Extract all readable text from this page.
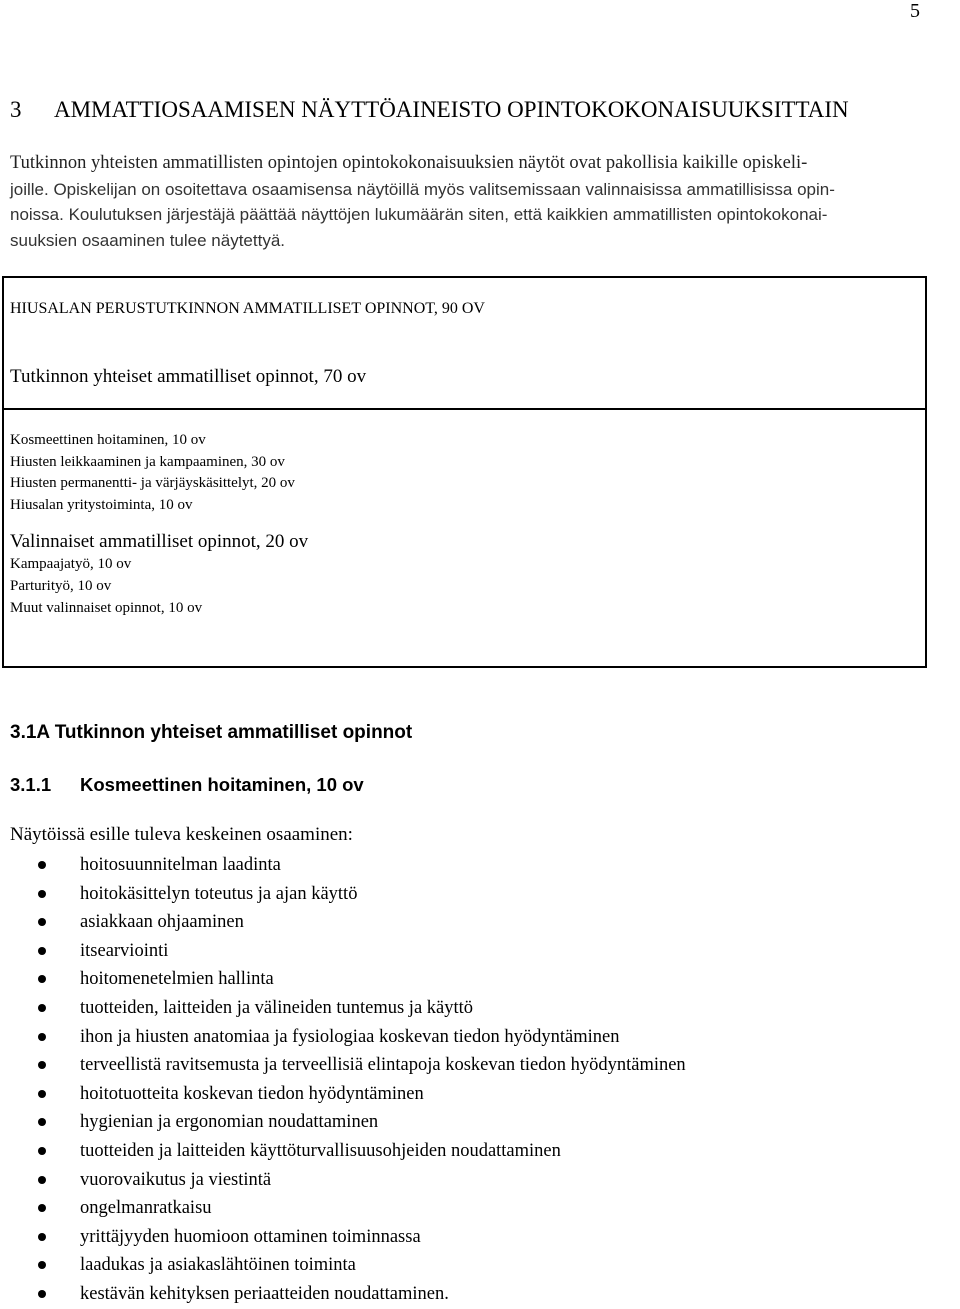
5
3 AMMATTIOSAAMISEN NÄYTTÖAINEISTO OPINTOKOKONAISUUKSITTAIN

Tutkinnon yhteisten ammatillisten opintojen opintokokonaisuuksien näytöt ovat pakollisia kaikille opiskeli-

joille. Opiskelijan on osoitettava osaamisensa näytöillä myös valitsemissaan valinnaisissa ammatillisissa opin-

noissa. Koulutuksen järjestäjä päättää näyttöjen lukumäärän siten, että kaikkien ammatillisten opintokokonai-

suuksien osaaminen tulee näytettyä.

HIUSALAN PERUSTUTKINNON AMMATILLISET OPINNOT, 90 OV
Tutkinnon yhteiset ammatilliset opinnot, 70 ov
Kosmeettinen hoitaminen, 10 ov
Hiusten leikkaaminen ja kampaaminen, 30 ov
Hiusten permanentti- ja värjäyskäsittelyt, 20 ov
Hiusalan yritystoiminta, 10 ov
Valinnaiset ammatilliset opinnot, 20 ov
Kampaajatyö, 10 ov
Parturityö, 10 ov
Muut valinnaiset opinnot, 10 ov
3.1A Tutkinnon yhteiset ammatilliset opinnot
3.1.1 Kosmeettinen hoitaminen, 10 ov
Näytöissä esille tuleva keskeinen osaaminen:
hoitosuunnitelman laadinta
hoitokäsittelyn toteutus ja ajan käyttö
asiakkaan ohjaaminen
itsearviointi
hoitomenetelmien hallinta
tuotteiden, laitteiden ja välineiden tuntemus ja käyttö
ihon ja hiusten anatomiaa ja fysiologiaa koskevan tiedon hyödyntäminen
terveellistä ravitsemusta ja terveellisiä elintapoja koskevan tiedon hyödyntäminen
hoitotuotteita koskevan tiedon hyödyntäminen
hygienian ja ergonomian noudattaminen
tuotteiden ja laitteiden käyttöturvallisuusohjeiden noudattaminen
vuorovaikutus ja viestintä
ongelmanratkaisu
yrittäjyyden huomioon ottaminen toiminnassa
laadukas ja asiakaslähtöinen toiminta
kestävän kehityksen periaatteiden noudattaminen.
